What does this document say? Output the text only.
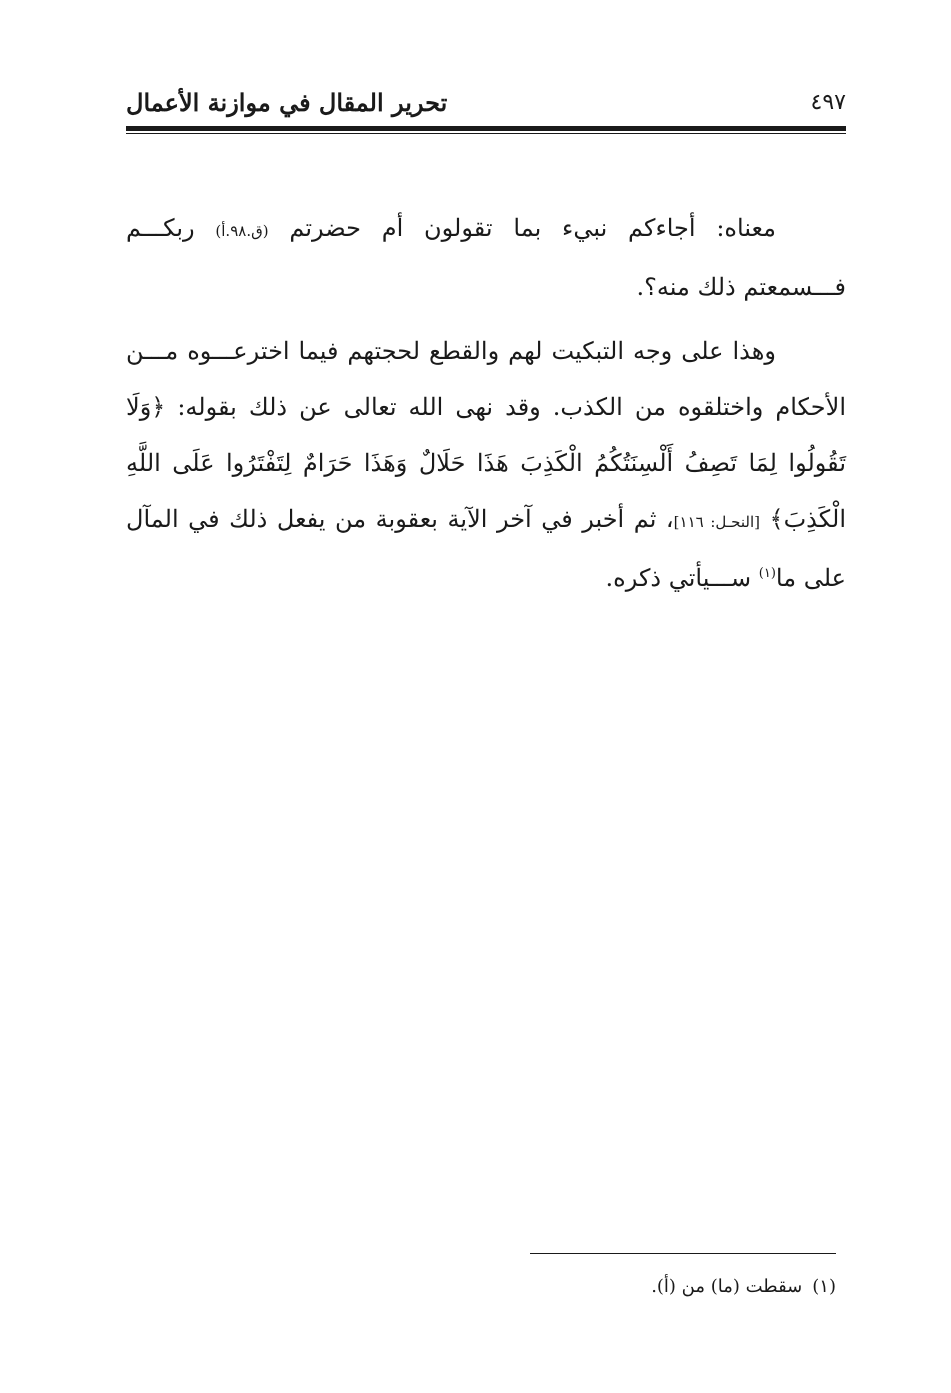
٤٩٧
تحرير المقال في موازنة الأعمال

معناه: أجاءكم نبيء بما تقولون أم حضرتم (ق.٩٨.أ) ربكـــم فـــسمعتم ذلك منه؟.

وهذا على وجه التبكيت لهم والقطع لحجتهم فيما اخترعـــوه مـــن الأحكام واختلقوه من الكذب. وقد نهى الله تعالى عن ذلك بقوله: ﴿وَلَا تَقُولُوا لِمَا تَصِفُ أَلْسِنَتُكُمُ الْكَذِبَ هَذَا حَلَالٌ وَهَذَا حَرَامٌ لِتَفْتَرُوا عَلَى اللَّهِ الْكَذِبَ﴾ [النحـل: ١١٦]، ثم أخبر في آخر الآية بعقوبة من يفعل ذلك في المآل على ما$^{(١)}$ ســـيأتي ذكره.

(١)سقطت (ما) من (أ).
